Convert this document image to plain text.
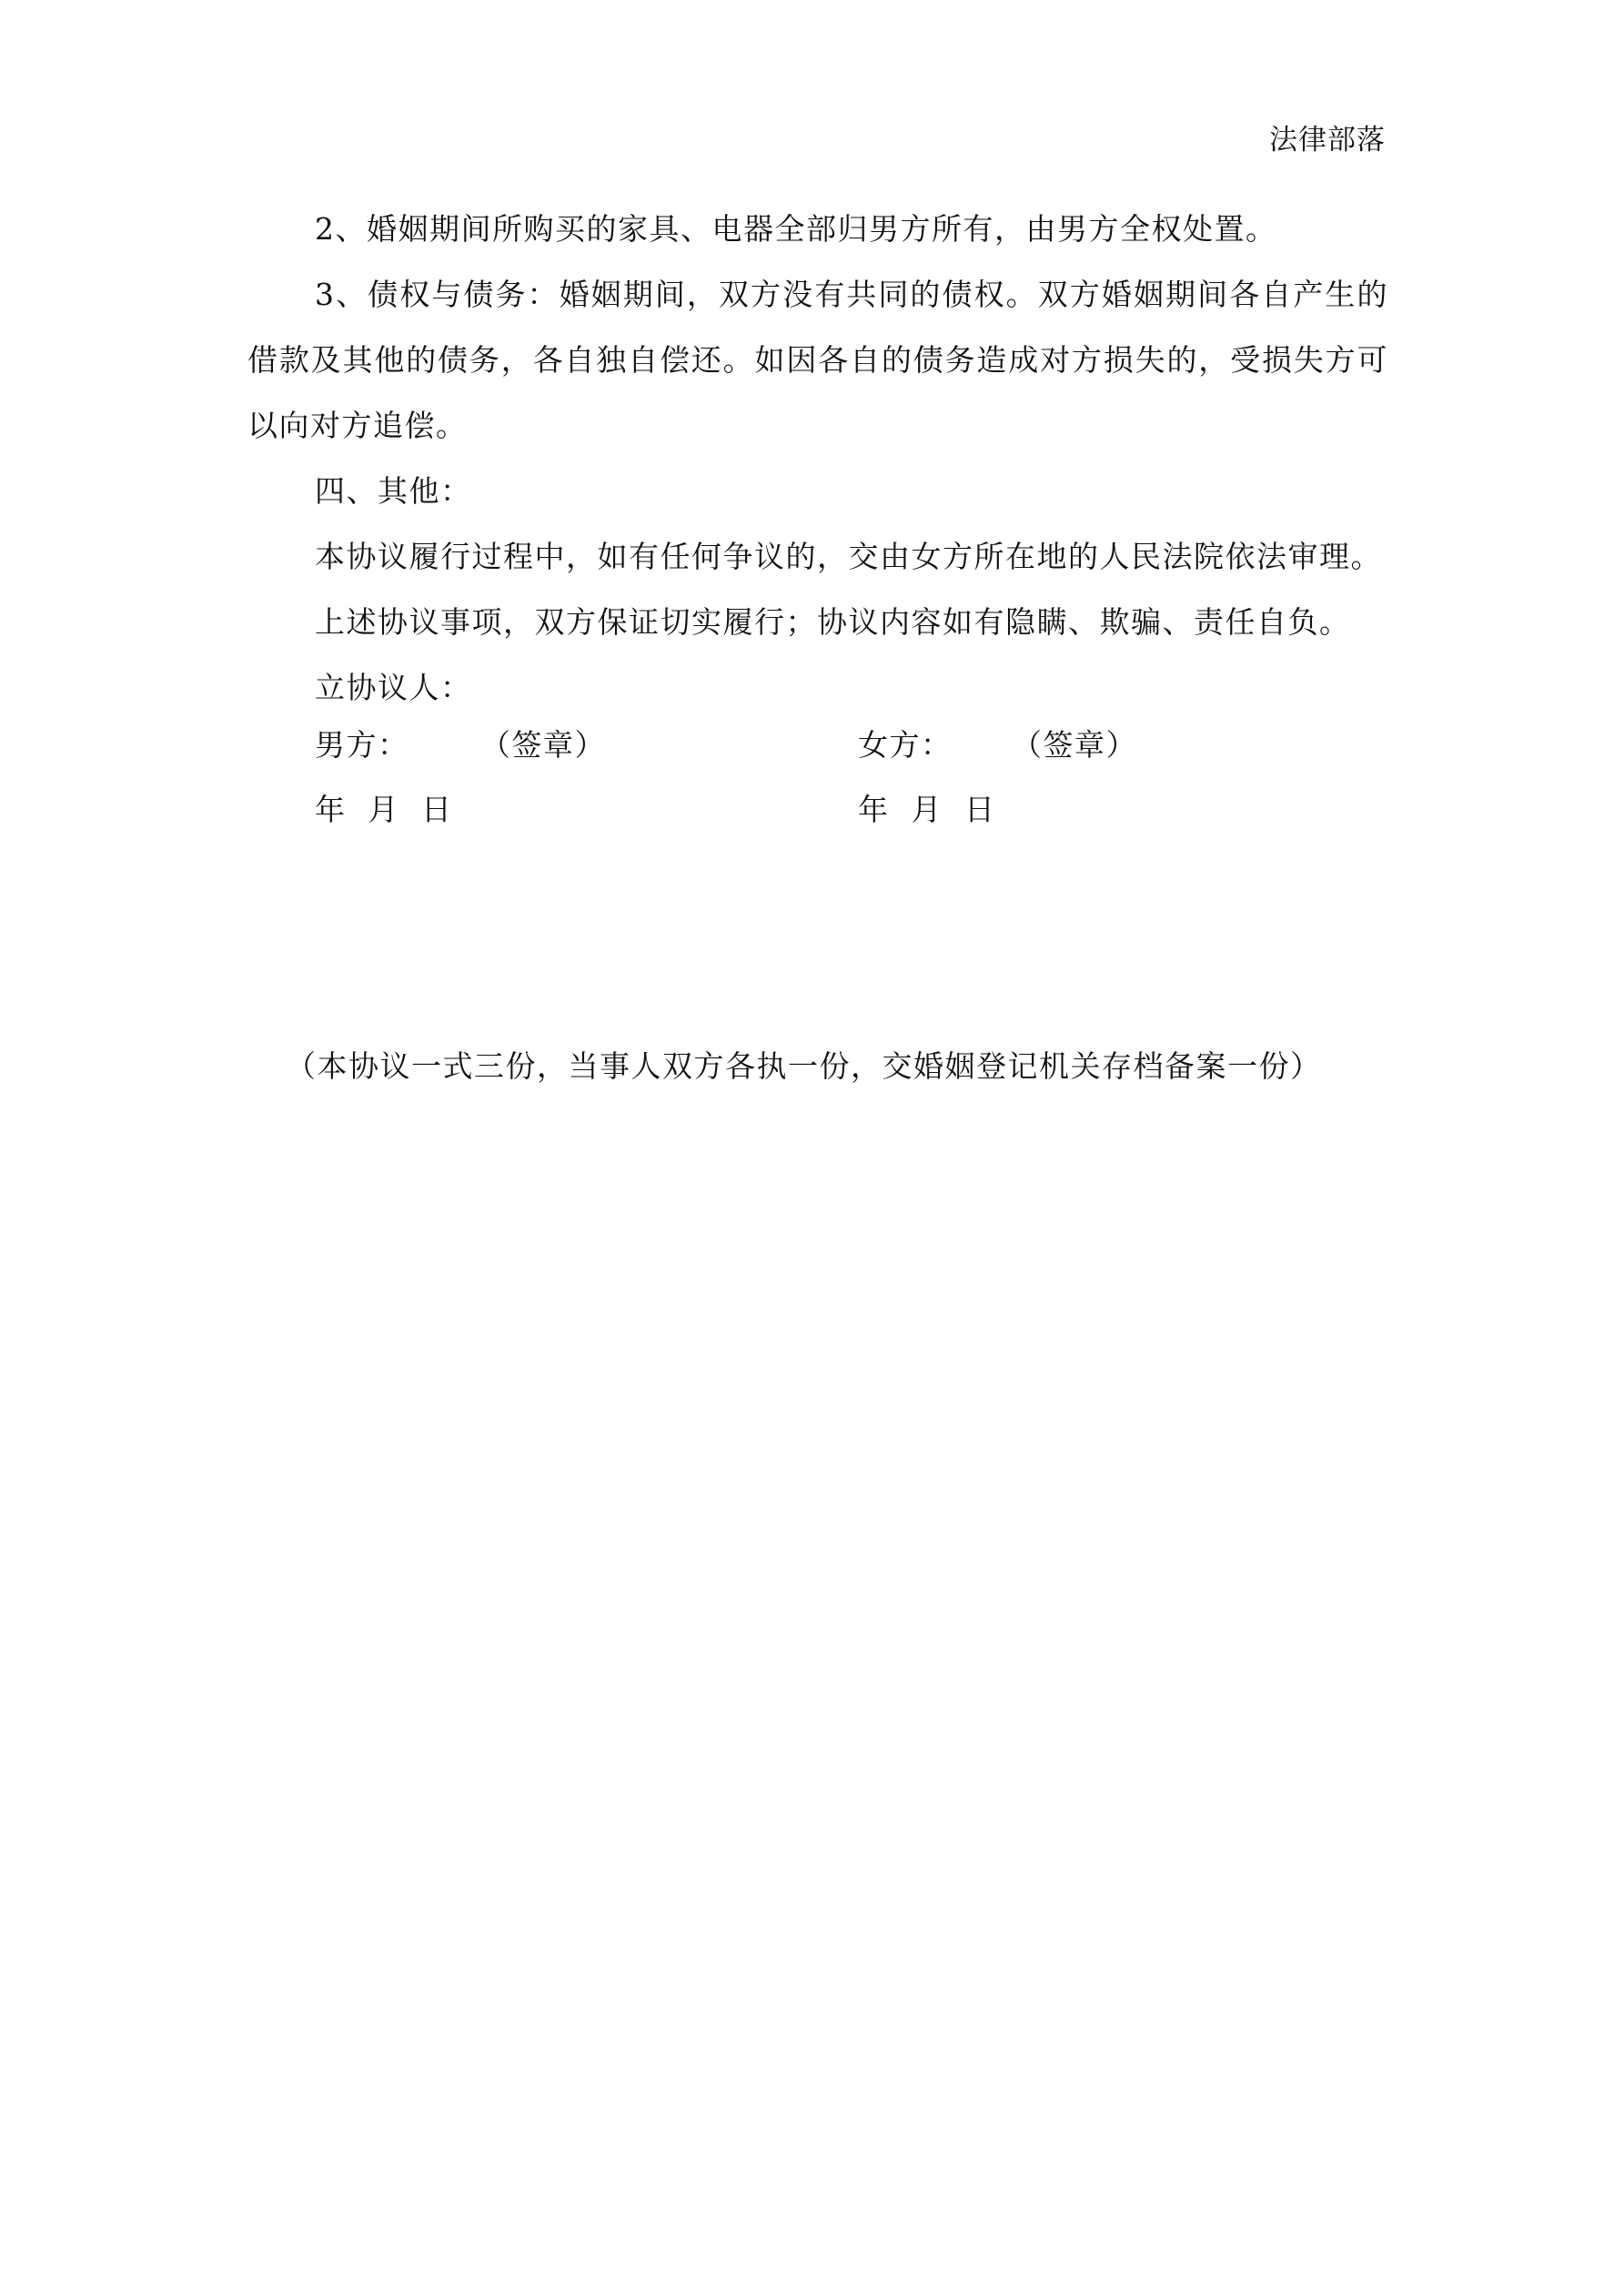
法律部落

2、婚姻期间所购买的家具、电器全部归男方所有，由男方全权处置。

3、债权与债务：婚姻期间，双方没有共同的债权。双方婚姻期间各自产生的借款及其他的债务，各自独自偿还。如因各自的债务造成对方损失的，受损失方可以向对方追偿。

四、其他：

本协议履行过程中，如有任何争议的，交由女方所在地的人民法院依法审理。

上述协议事项，双方保证切实履行；协议内容如有隐瞒、欺骗、责任自负。

立协议人：

男方： （签章）	女方： （签章）
年  月  日	年  月  日
（本协议一式三份，当事人双方各执一份，交婚姻登记机关存档备案一份）
